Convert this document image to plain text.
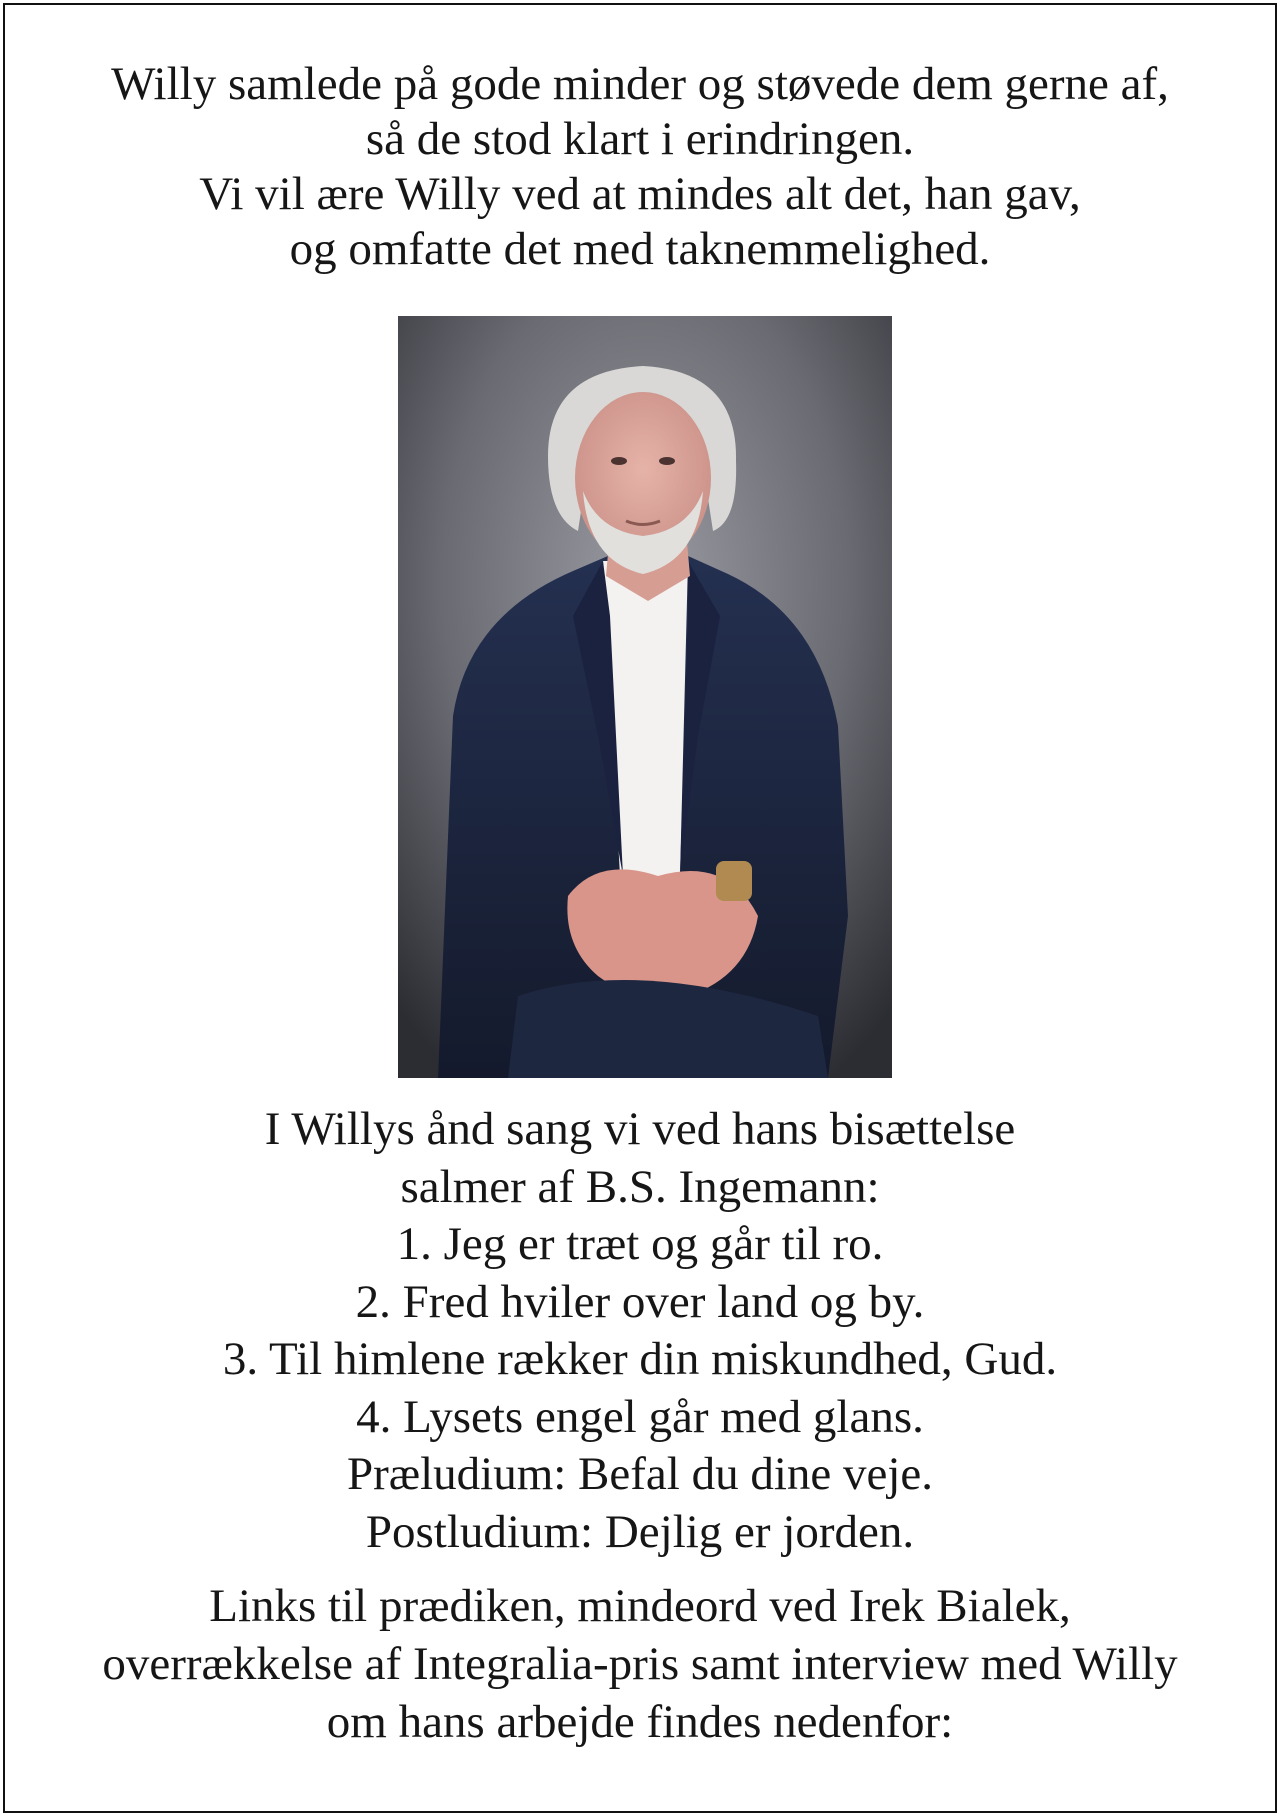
Willy samlede på gode minder og støvede dem gerne af,
så de stod klart i erindringen.
Vi vil ære Willy ved at mindes alt det, han gav,
og omfatte det med taknemmelighed.
I Willys ånd sang vi ved hans bisættelse
salmer af B.S. Ingemann:
1. Jeg er træt og går til ro.
2. Fred hviler over land og by.
3. Til himlene rækker din miskundhed, Gud.
4. Lysets engel går med glans.
Præludium: Befal du dine veje.
Postludium: Dejlig er jorden.
Links til prædiken, mindeord ved Irek Bialek,
overrækkelse af Integralia-pris samt interview med Willy
om hans arbejde findes nedenfor:
